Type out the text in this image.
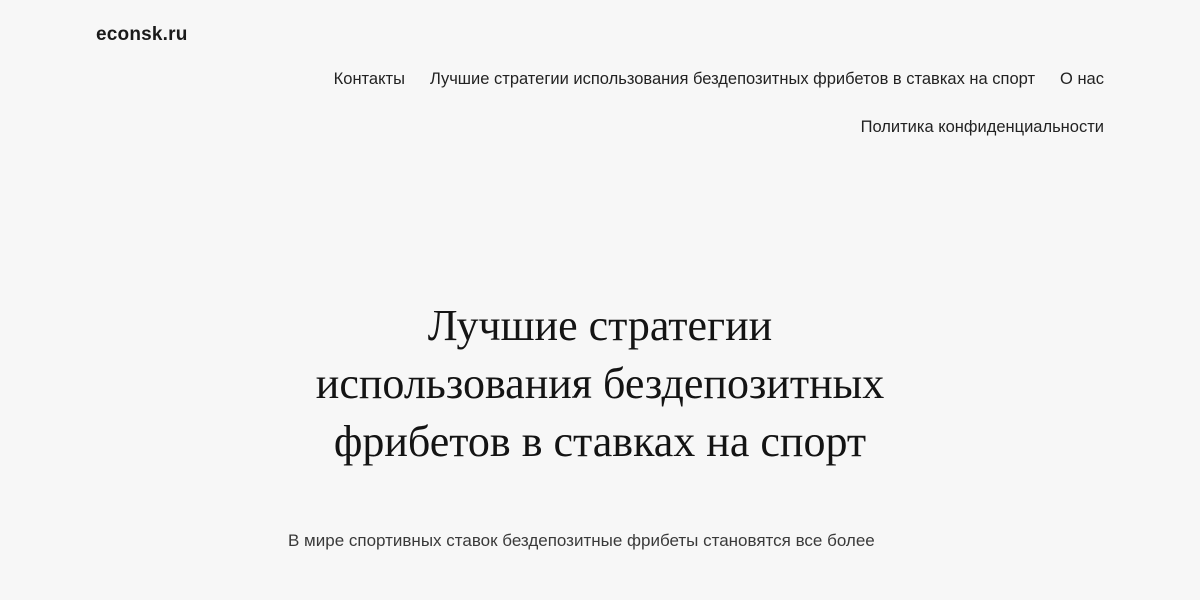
econsk.ru
Контакты Лучшие стратегии использования бездепозитных фрибетов в ставках на спорт О нас
Политика конфиденциальности
Лучшие стратегии использования бездепозитных фрибетов в ставках на спорт

В мире спортивных ставок бездепозитные фрибеты становятся все более
